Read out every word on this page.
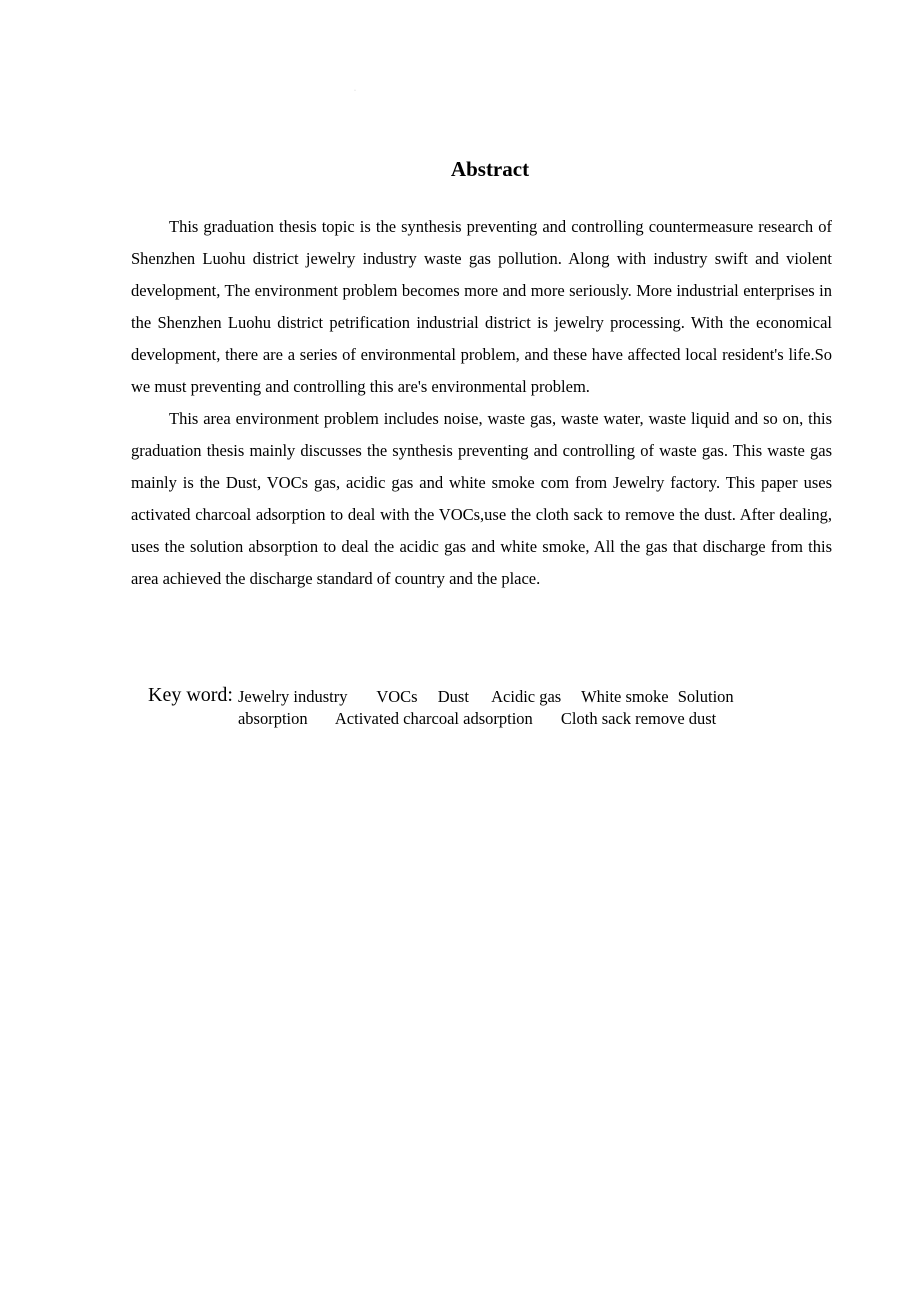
·
Abstract

This graduation thesis topic is the synthesis preventing and controlling countermeasure research of Shenzhen Luohu district jewelry industry waste gas pollution. Along with industry swift and violent development, The environment problem becomes more and more seriously. More industrial enterprises in the Shenzhen Luohu district petrification industrial district is jewelry processing. With the economical development, there are a series of environmental problem, and these have affected local resident's life.So we must preventing and controlling this are's environmental problem.

This area environment problem includes noise, waste gas, waste water, waste liquid and so on, this graduation thesis mainly discusses the synthesis preventing and controlling of waste gas. This waste gas mainly is the Dust, VOCs gas, acidic gas and white smoke com from Jewelry factory. This paper uses activated charcoal adsorption to deal with the VOCs,use the cloth sack to remove the dust. After dealing, uses the solution absorption to deal the acidic gas and white smoke, All the gas that discharge from this area achieved the discharge standard of country and the place.

Key word: Jewelry industry VOCs Dust Acidic gas White smoke Solution absorption Activated charcoal adsorption Cloth sack remove dust
